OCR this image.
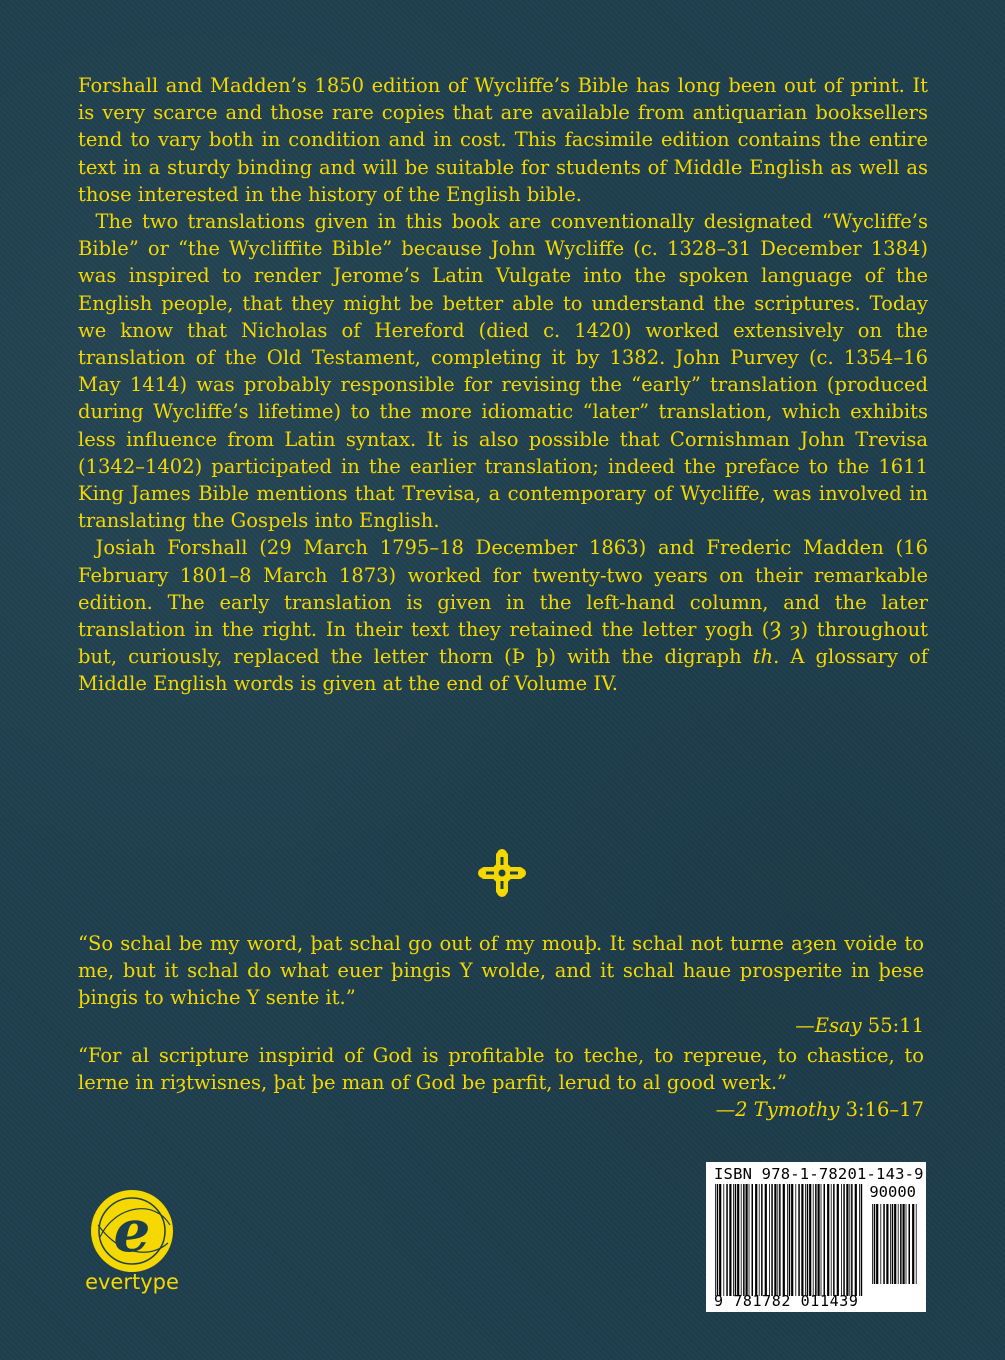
Forshall and Madden’s 1850 edition of Wycliffe’s Bible has long been out of print. It is very scarce and those rare copies that are available from antiquarian booksellers tend to vary both in condition and in cost. This facsimile edition contains the entire text in a sturdy binding and will be suitable for students of Middle English as well as those interested in the history of the English bible.

The two translations given in this book are conventionally designated “Wycliffe’s Bible” or “the Wycliffite Bible” because John Wycliffe (c. 1328–31 December 1384) was inspired to render Jerome’s Latin Vulgate into the spoken language of the English people, that they might be better able to understand the scriptures. Today we know that Nicholas of Hereford (died c. 1420) worked extensively on the translation of the Old Testament, completing it by 1382. John Purvey (c. 1354–16 May 1414) was probably responsible for revising the “early” translation (produced during Wycliffe’s lifetime) to the more idiomatic “later” translation, which exhibits less influence from Latin syntax. It is also possible that Cornishman John Trevisa (1342–1402) participated in the earlier translation; indeed the preface to the 1611 King James Bible mentions that Trevisa, a contemporary of Wycliffe, was involved in translating the Gospels into English.

Josiah Forshall (29 March 1795–18 December 1863) and Frederic Madden (16 February 1801–8 March 1873) worked for twenty-two years on their remarkable edition. The early translation is given in the left-hand column, and the later translation in the right. In their text they retained the letter yogh (Ȝ ȝ) throughout but, curiously, replaced the letter thorn (Þ þ) with the digraph th. A glossary of Middle English words is given at the end of Volume IV.

“So schal be my word, þat schal go out of my mouþ. It schal not turne aȝen voide to me, but it schal do what euer þingis Y wolde, and it schal haue prosperite in þese þingis to whiche Y sente it.”
—Esay 55:11
“For al scripture inspirid of God is profitable to teche, to repreue, to chastice, to lerne in riȝtwisnes, þat þe man of God be parfit, lerud to al good werk.”
—2 Tymothy 3:16–17
e
evertype
ISBN 978-1-78201-143-9
90000
9 781782 011439
